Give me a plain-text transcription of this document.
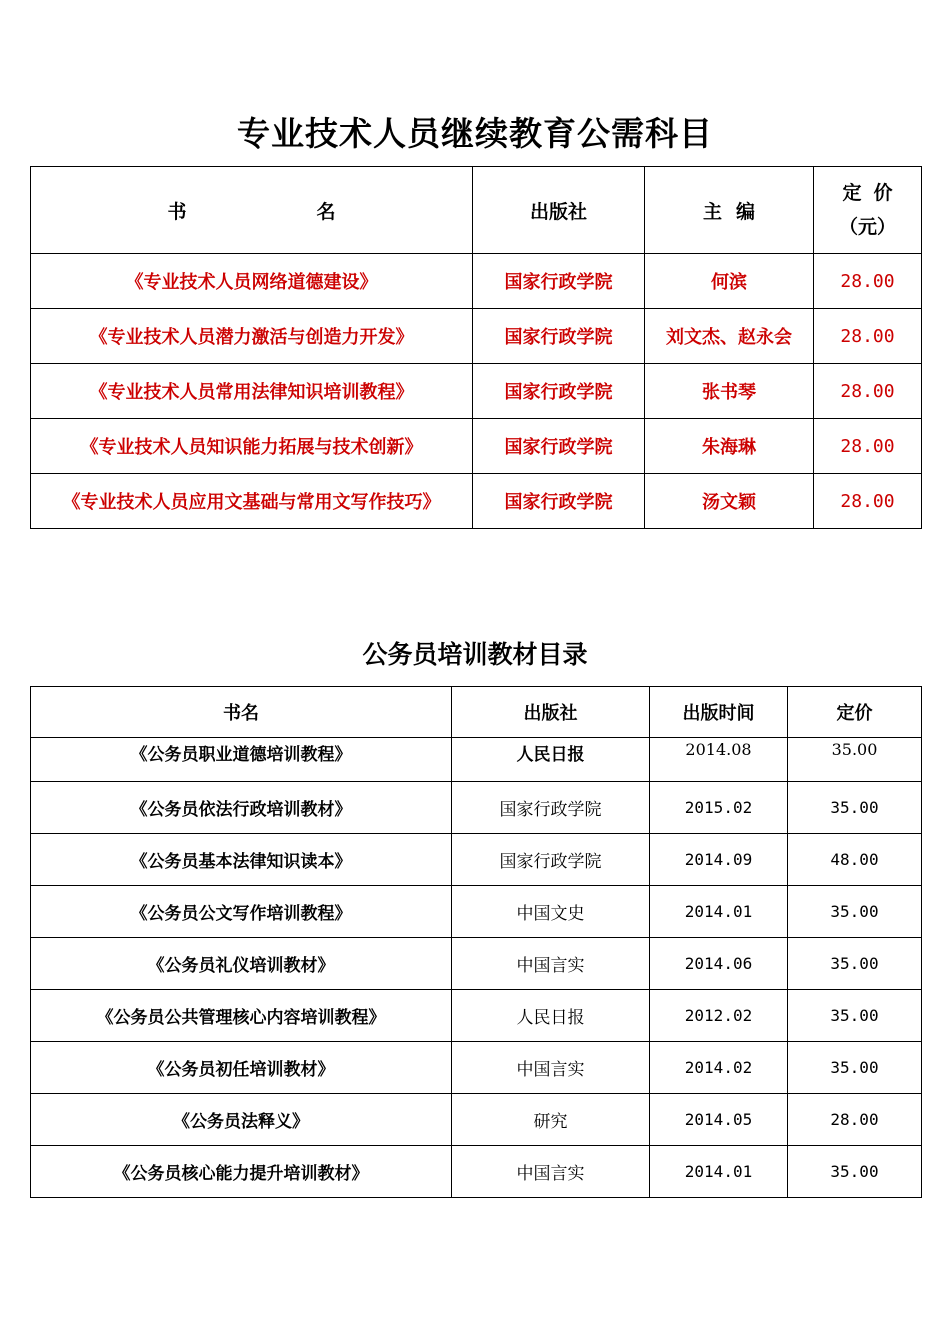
专业技术人员继续教育公需科目
书名	出版社	主编	定价
（元）

《专业技术人员网络道德建设》	国家行政学院	何滨	28.00
《专业技术人员潜力激活与创造力开发》	国家行政学院	刘文杰、赵永会	28.00
《专业技术人员常用法律知识培训教程》	国家行政学院	张书琴	28.00
《专业技术人员知识能力拓展与技术创新》	国家行政学院	朱海琳	28.00
《专业技术人员应用文基础与常用文写作技巧》	国家行政学院	汤文颖	28.00
公务员培训教材目录
书名	出版社	出版时间	定价
《公务员职业道德培训教程》	人民日报	2014.08	35.00
《公务员依法行政培训教材》	国家行政学院	2015.02	35.00
《公务员基本法律知识读本》	国家行政学院	2014.09	48.00
《公务员公文写作培训教程》	中国文史	2014.01	35.00
《公务员礼仪培训教材》	中国言实	2014.06	35.00
《公务员公共管理核心内容培训教程》	人民日报	2012.02	35.00
《公务员初任培训教材》	中国言实	2014.02	35.00
《公务员法释义》	研究	2014.05	28.00
《公务员核心能力提升培训教材》	中国言实	2014.01	35.00
